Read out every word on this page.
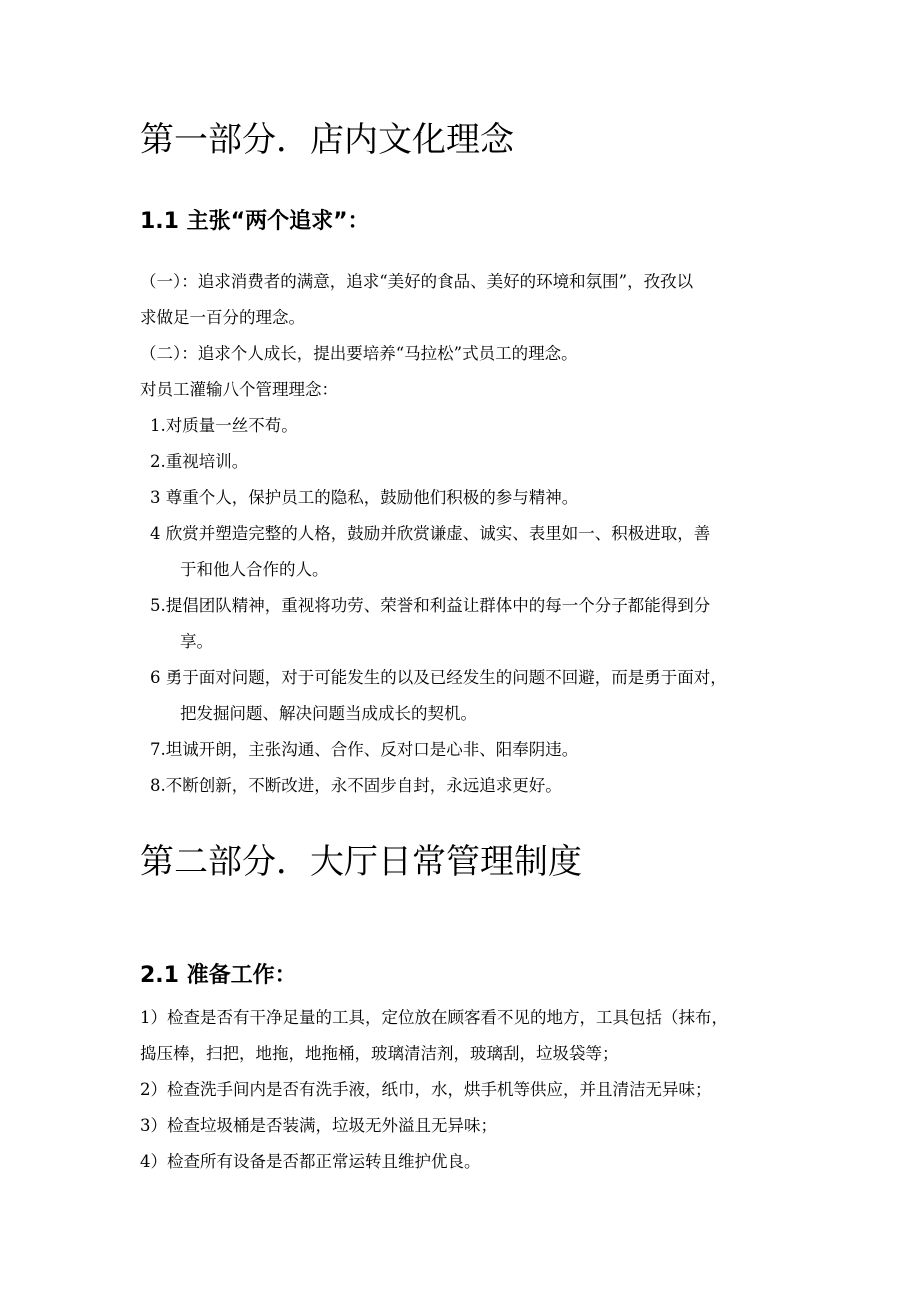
第一部分．店内文化理念
1.1 主张“两个追求”：

（一）：追求消费者的满意，追求“美好的食品、美好的环境和氛围”，孜孜以

求做足一百分的理念。

（二）：追求个人成长，提出要培养“马拉松”式员工的理念。

对员工灌输八个管理理念：

1.对质量一丝不苟。

2.重视培训。

3 尊重个人，保护员工的隐私，鼓励他们积极的参与精神。

4 欣赏并塑造完整的人格，鼓励并欣赏谦虚、诚实、表里如一、积极进取，善

于和他人合作的人。

5.提倡团队精神，重视将功劳、荣誉和利益让群体中的每一个分子都能得到分

享。

6 勇于面对问题，对于可能发生的以及已经发生的问题不回避，而是勇于面对，

把发掘问题、解决问题当成成长的契机。

7.坦诚开朗，主张沟通、合作、反对口是心非、阳奉阴违。

8.不断创新，不断改进，永不固步自封，永远追求更好。

第二部分．大厅日常管理制度
2.1 准备工作：

1）检查是否有干净足量的工具，定位放在顾客看不见的地方，工具包括（抹布，

捣压棒，扫把，地拖，地拖桶，玻璃清洁剂，玻璃刮，垃圾袋等；

2）检查洗手间内是否有洗手液，纸巾，水，烘手机等供应，并且清洁无异味；

3）检查垃圾桶是否装满，垃圾无外溢且无异味；

4）检查所有设备是否都正常运转且维护优良。
